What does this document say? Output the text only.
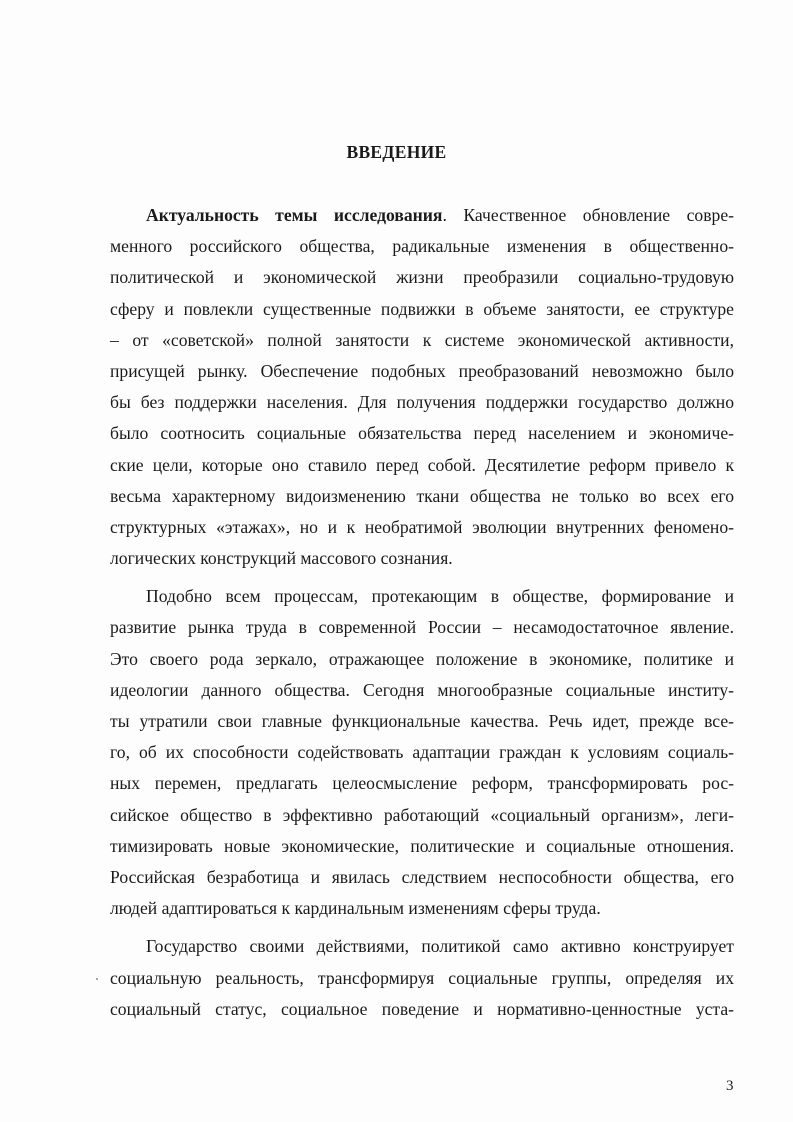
ВВЕДЕНИЕ
Актуальность темы исследования. Качественное обновление совре-
менного российского общества, радикальные изменения в общественно-
политической и экономической жизни преобразили социально-трудовую
сферу и повлекли существенные подвижки в объеме занятости, ее структуре
– от «советской» полной занятости к системе экономической активности,
присущей рынку. Обеспечение подобных преобразований невозможно было
бы без поддержки населения. Для получения поддержки государство должно
было соотносить социальные обязательства перед населением и экономиче-
ские цели, которые оно ставило перед собой. Десятилетие реформ привело к
весьма характерному видоизменению ткани общества не только во всех его
структурных «этажах», но и к необратимой эволюции внутренних феномено-
логических конструкций массового сознания.
Подобно всем процессам, протекающим в обществе, формирование и
развитие рынка труда в современной России – несамодостаточное явление.
Это своего рода зеркало, отражающее положение в экономике, политике и
идеологии данного общества. Сегодня многообразные социальные институ-
ты утратили свои главные функциональные качества. Речь идет, прежде все-
го, об их способности содействовать адаптации граждан к условиям социаль-
ных перемен, предлагать целеосмысление реформ, трансформировать рос-
сийское общество в эффективно работающий «социальный организм», леги-
тимизировать новые экономические, политические и социальные отношения.
Российская безработица и явилась следствием неспособности общества, его
людей адаптироваться к кардинальным изменениям сферы труда.
Государство своими действиями, политикой само активно конструирует
социальную реальность, трансформируя социальные группы, определяя их
социальный статус, социальное поведение и нормативно-ценностные уста-
3
